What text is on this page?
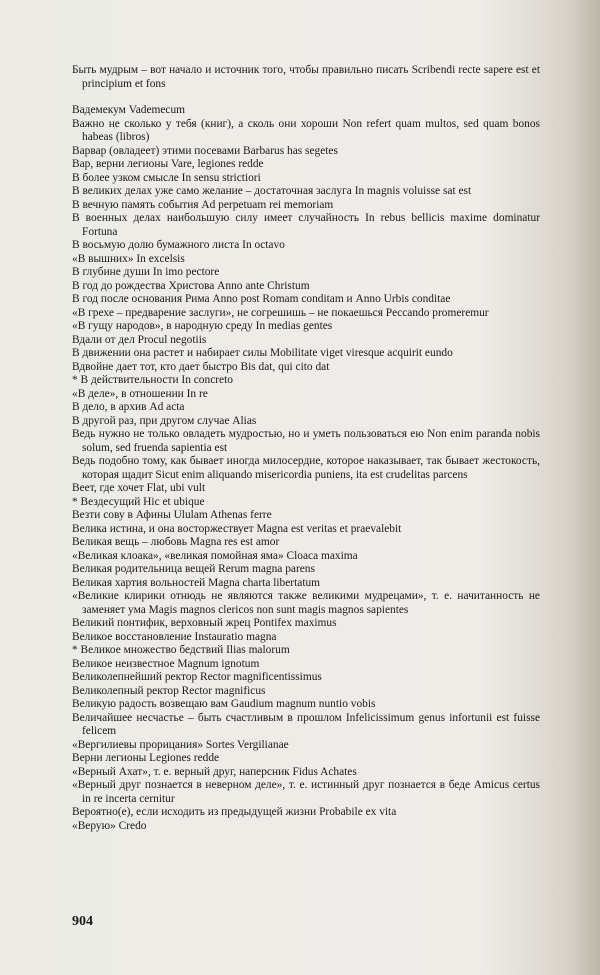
Быть мудрым – вот начало и источник того, чтобы правильно писать Scribendi recte sapere est et principium et fons

Вадемекум Vademecum

Важно не сколько у тебя (книг), а сколь они хороши Non refert quam multos, sed quam bonos habeas (libros)

Варвар (овладеет) этими посевами Barbarus has segetes

Вар, верни легионы Vare, legiones redde

В более узком смысле In sensu strictiori

В великих делах уже само желание – достаточная заслуга In magnis voluisse sat est

В вечную память события Ad perpetuam rei memoriam

В военных делах наибольшую силу имеет случайность In rebus bellicis maxime dominatur Fortuna

В восьмую долю бумажного листа In octavo

«В вышних» In excelsis

В глубине души In imo pectore

В год до рождества Христова Anno ante Christum

В год после основания Рима Anno post Romam conditam и Anno Urbis conditae

«В грехе – предварение заслуги», не согрешишь – не покаешься Peccando promeremur

«В гущу народов», в народную среду In medias gentes

Вдали от дел Procul negotiis

В движении она растет и набирает силы Mobilitate viget viresque acquirit eundo

Вдвойне дает тот, кто дает быстро Bis dat, qui cito dat

* В действительности In concreto

«В деле», в отношении In re

В дело, в архив Ad acta

В другой раз, при другом случае Alias

Ведь нужно не только овладеть мудростью, но и уметь пользоваться ею Non enim paranda nobis solum, sed fruenda sapientia est

Ведь подобно тому, как бывает иногда милосердие, которое наказывает, так бывает жестокость, которая щадит Sicut enim aliquando misericordia puniens, ita est crudelitas parcens

Веет, где хочет Flat, ubi vult

* Вездесущий Hic et ubique

Везти сову в Афины Ululam Athenas ferre

Велика истина, и она восторжествует Magna est veritas et praevalebit

Великая вещь – любовь Magna res est amor

«Великая клоака», «великая помойная яма» Cloaca maxima

Великая родительница вещей Rerum magna parens

Великая хартия вольностей Magna charta libertatum

«Великие клирики отнюдь не являются также великими мудрецами», т. е. начитанность не заменяет ума Magis magnos clericos non sunt magis magnos sapientes

Великий понтифик, верховный жрец Pontifex maximus

Великое восстановление Instauratio magna

* Великое множество бедствий Ilias malorum

Великое неизвестное Magnum ignotum

Великолепнейший ректор Rector magnificentissimus

Великолепный ректор Rector magnificus

Великую радость возвещаю вам Gaudium magnum nuntio vobis

Величайшее несчастье – быть счастливым в прошлом Infelicissimum genus infortunii est fuisse felicem

«Вергилиевы прорицания» Sortes Vergilianae

Верни легионы Legiones redde

«Верный Ахат», т. е. верный друг, наперсник Fidus Achates

«Верный друг познается в неверном деле», т. е. истинный друг познается в беде Amicus certus in re incerta cernitur

Вероятно(е), если исходить из предыдущей жизни Probabile ex vita

«Верую» Credo

904
